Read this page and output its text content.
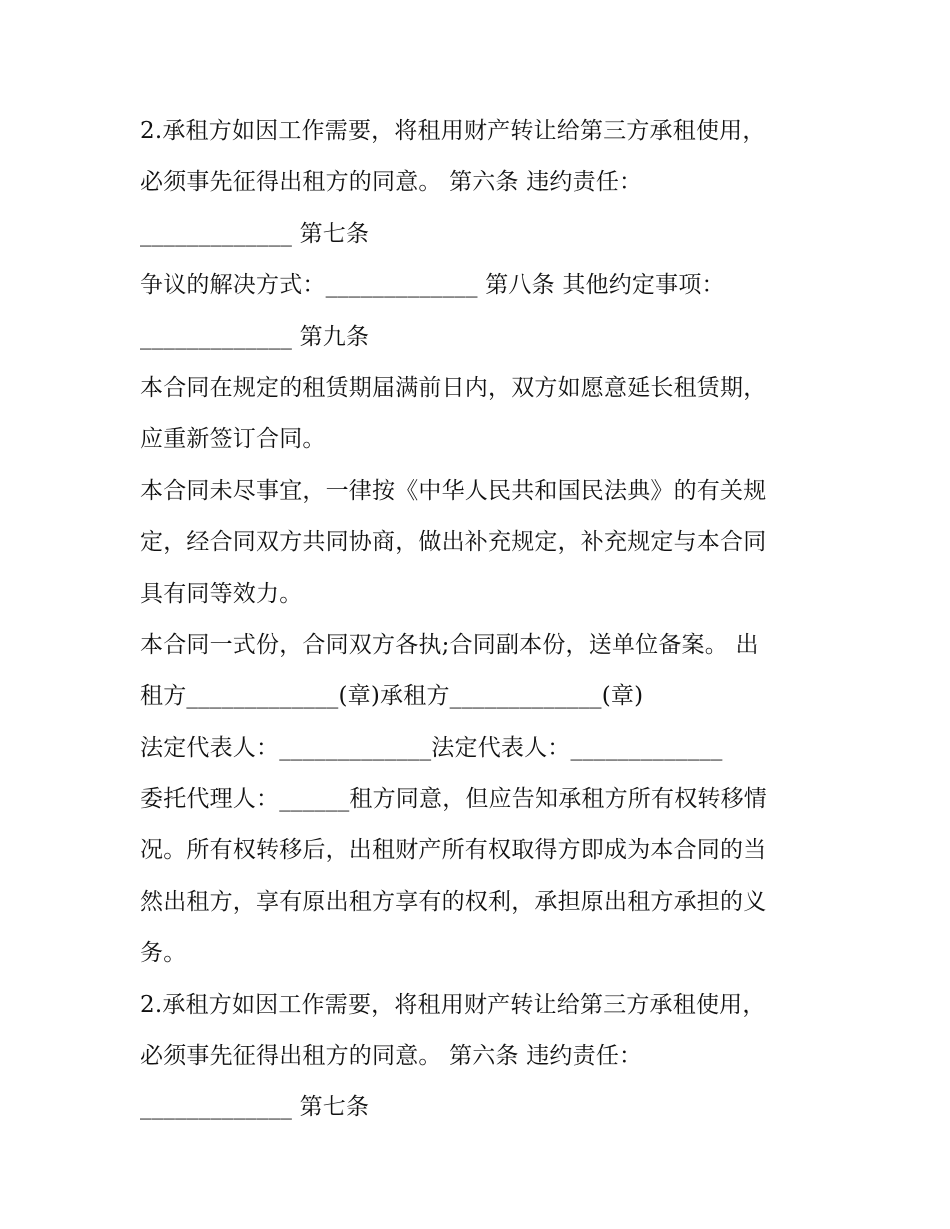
2.承租方如因工作需要，将租用财产转让给第三方承租使用，
必须事先征得出租方的同意。 第六条 违约责任：
_____________ 第七条
争议的解决方式：_____________ 第八条 其他约定事项：
_____________ 第九条
本合同在规定的租赁期届满前日内，双方如愿意延长租赁期，
应重新签订合同。
本合同未尽事宜，一律按《中华人民共和国民法典》的有关规
定，经合同双方共同协商，做出补充规定，补充规定与本合同
具有同等效力。
本合同一式份，合同双方各执;合同副本份，送单位备案。 出
租方_____________(章)承租方_____________(章)
法定代表人：_____________法定代表人：_____________
委托代理人：______租方同意，但应告知承租方所有权转移情
况。所有权转移后，出租财产所有权取得方即成为本合同的当
然出租方，享有原出租方享有的权利，承担原出租方承担的义
务。
2.承租方如因工作需要，将租用财产转让给第三方承租使用，
必须事先征得出租方的同意。 第六条 违约责任：
_____________ 第七条
